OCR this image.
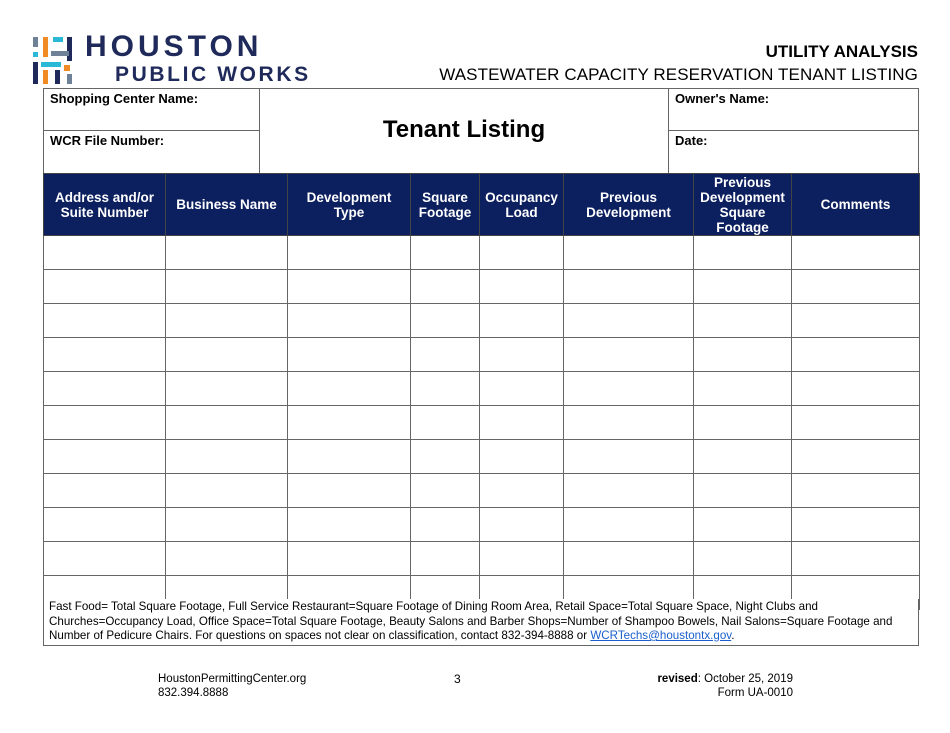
HOUSTON
PUBLIC WORKS
UTILITY ANALYSIS
WASTEWATER CAPACITY RESERVATION TENANT LISTING
Shopping Center Name:
WCR File Number:	Tenant Listing
Owner's Name:
Date:
Address and/or Suite Number	Business Name	Development Type	Square Footage	Occupancy Load	Previous Development	Previous Development Square Footage	Comments

Fast Food= Total Square Footage, Full Service Restaurant=Square Footage of Dining Room Area, Retail Space=Total Square Space, Night Clubs and Churches=Occupancy Load, Office Space=Total Square Footage, Beauty Salons and Barber Shops=Number of Shampoo Bowels, Nail Salons=Square Footage and Number of Pedicure Chairs. For questions on spaces not clear on classification, contact 832-394-8888 or WCRTechs@houstontx.gov.
HoustonPermittingCenter.org
832.394.8888
3	revised: October 25, 2019
Form UA-0010
